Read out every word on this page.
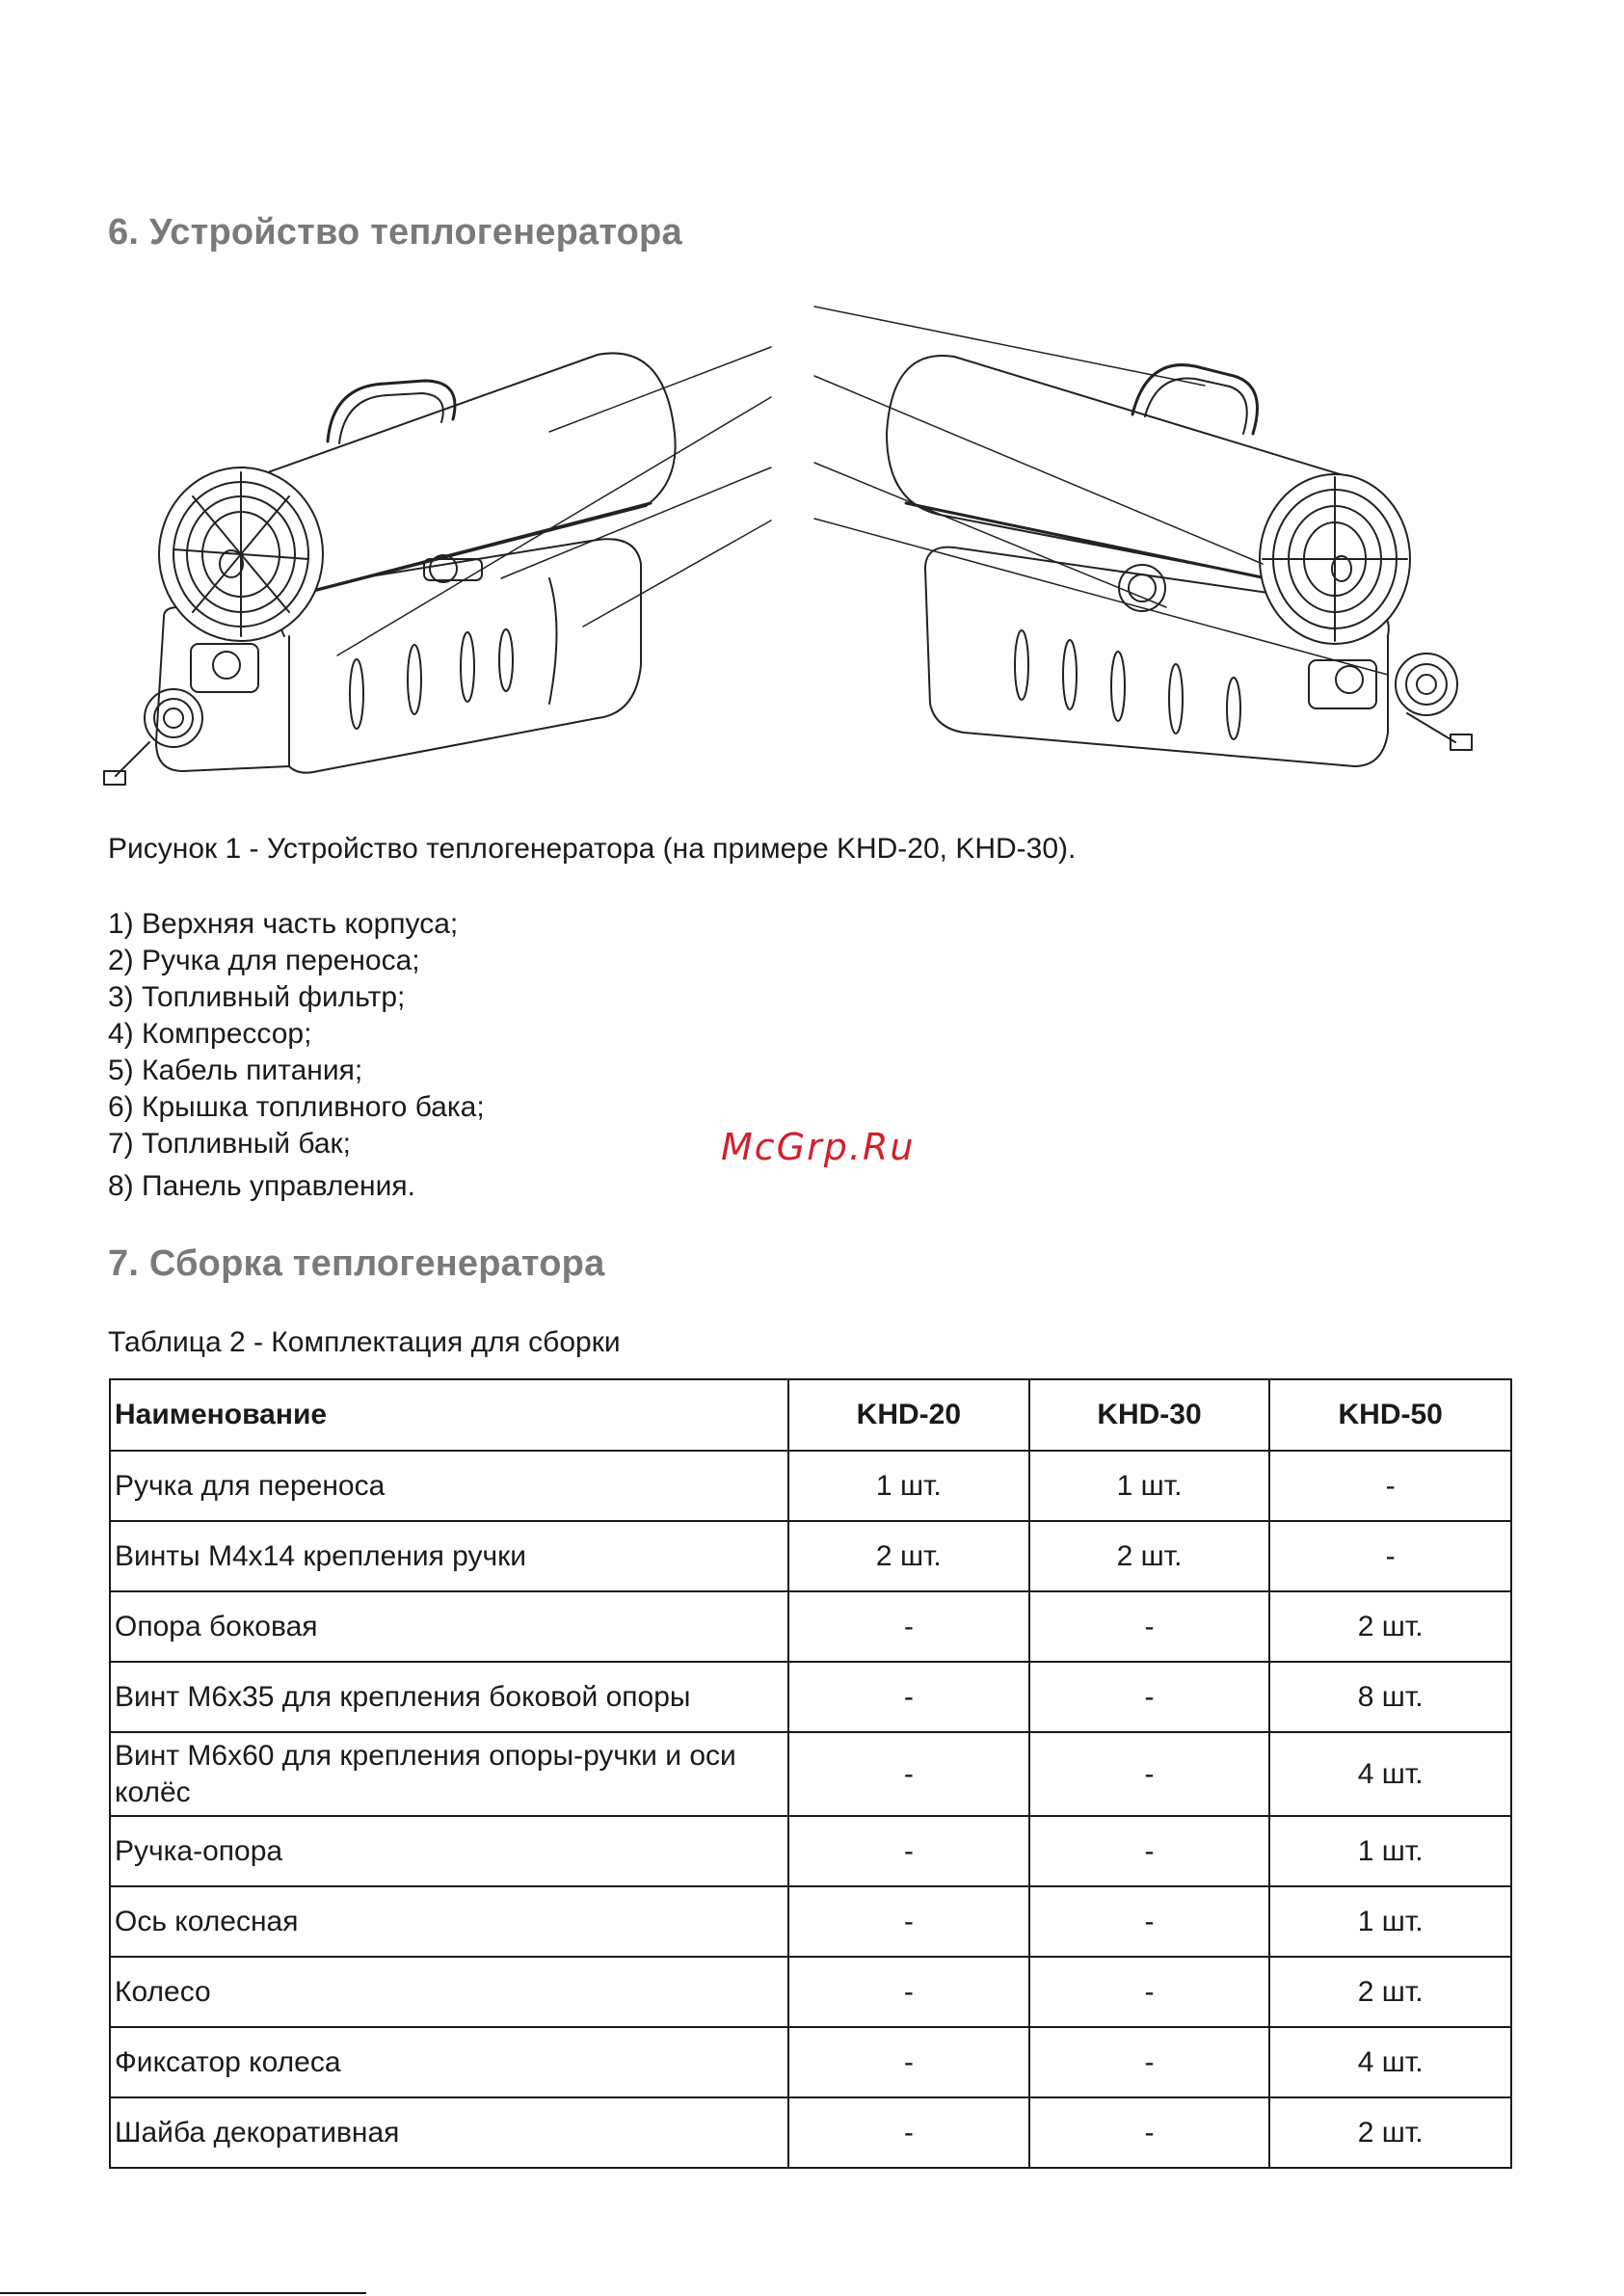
6. Устройство теплогенератора

Рисунок 1 - Устройство теплогенератора (на примере KHD-20, KHD-30).

1) Верхняя часть корпуса;
2) Ручка для переноса;
3) Топливный фильтр;
4) Компрессор;
5) Кабель питания;
6) Крышка топливного бака;
7) Топливный бак;
8) Панель управления.
McGrp.Ru
7. Сборка теплогенератора

Таблица 2 - Комплектация для сборки

Наименование	KHD-20	KHD-30	KHD-50
Ручка для переноса	1 шт.	1 шт.	-
Винты М4х14 крепления ручки	2 шт.	2 шт.	-
Опора боковая	-	-	2 шт.
Винт М6х35 для крепления боковой опоры	-	-	8 шт.
Винт М6х60 для крепления опоры-ручки и оси колёс	-	-	4 шт.
Ручка-опора	-	-	1 шт.
Ось колесная	-	-	1 шт.
Колесо	-	-	2 шт.
Фиксатор колеса	-	-	4 шт.
Шайба декоративная	-	-	2 шт.
